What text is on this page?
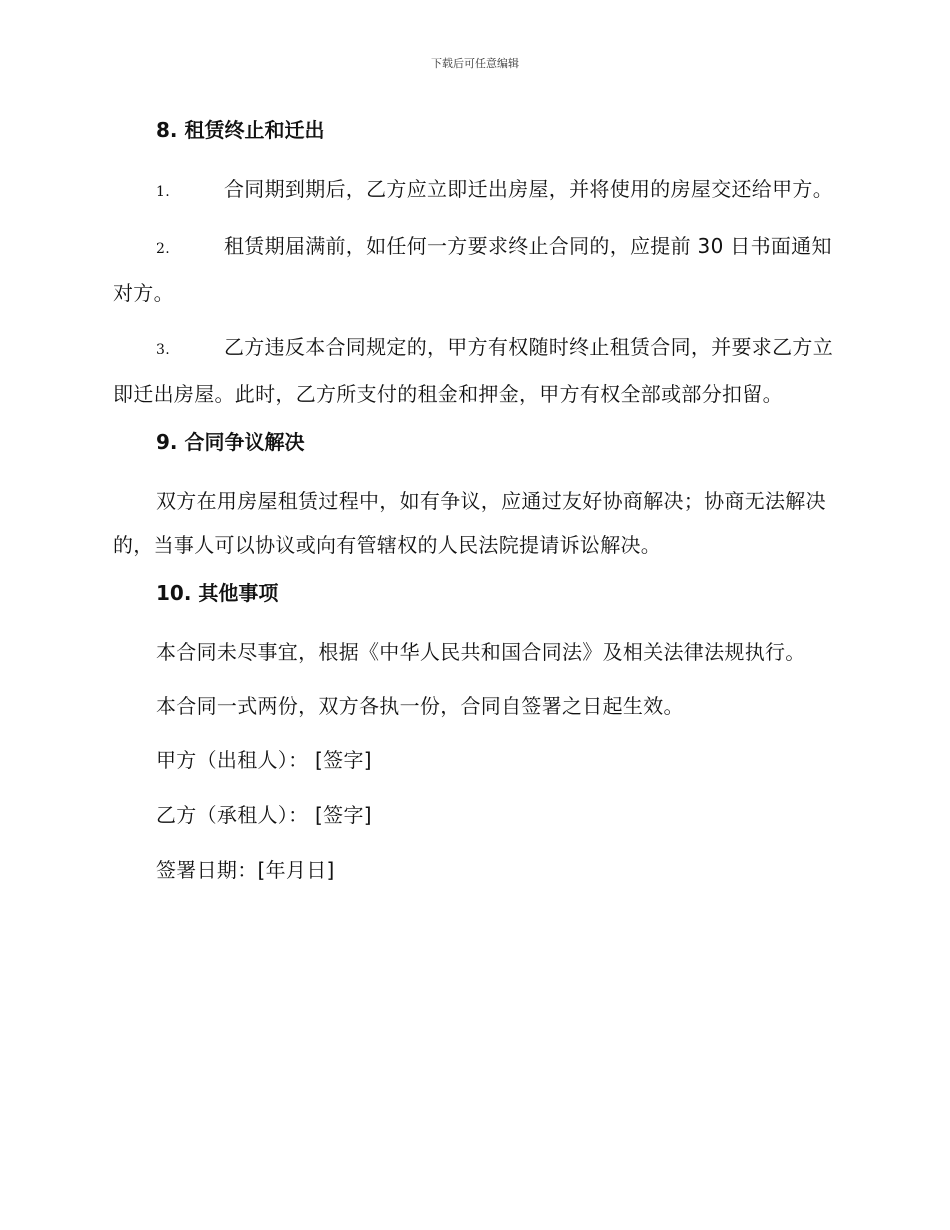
下载后可任意编辑
8. 租赁终止和迁出
1.	合同期到期后，乙方应立即迁出房屋，并将使用的房屋交还给甲方。
2.	租赁期届满前，如任何一方要求终止合同的，应提前 30 日书面通知对方。
3.	乙方违反本合同规定的，甲方有权随时终止租赁合同，并要求乙方立即迁出房屋。此时，乙方所支付的租金和押金，甲方有权全部或部分扣留。
9. 合同争议解决
双方在用房屋租赁过程中，如有争议，应通过友好协商解决；协商无法解决的，当事人可以协议或向有管辖权的人民法院提请诉讼解决。
10. 其他事项
本合同未尽事宜，根据《中华人民共和国合同法》及相关法律法规执行。
本合同一式两份，双方各执一份，合同自签署之日起生效。
甲方（出租人）： [签字]
乙方（承租人）： [签字]
签署日期：[年月日]
